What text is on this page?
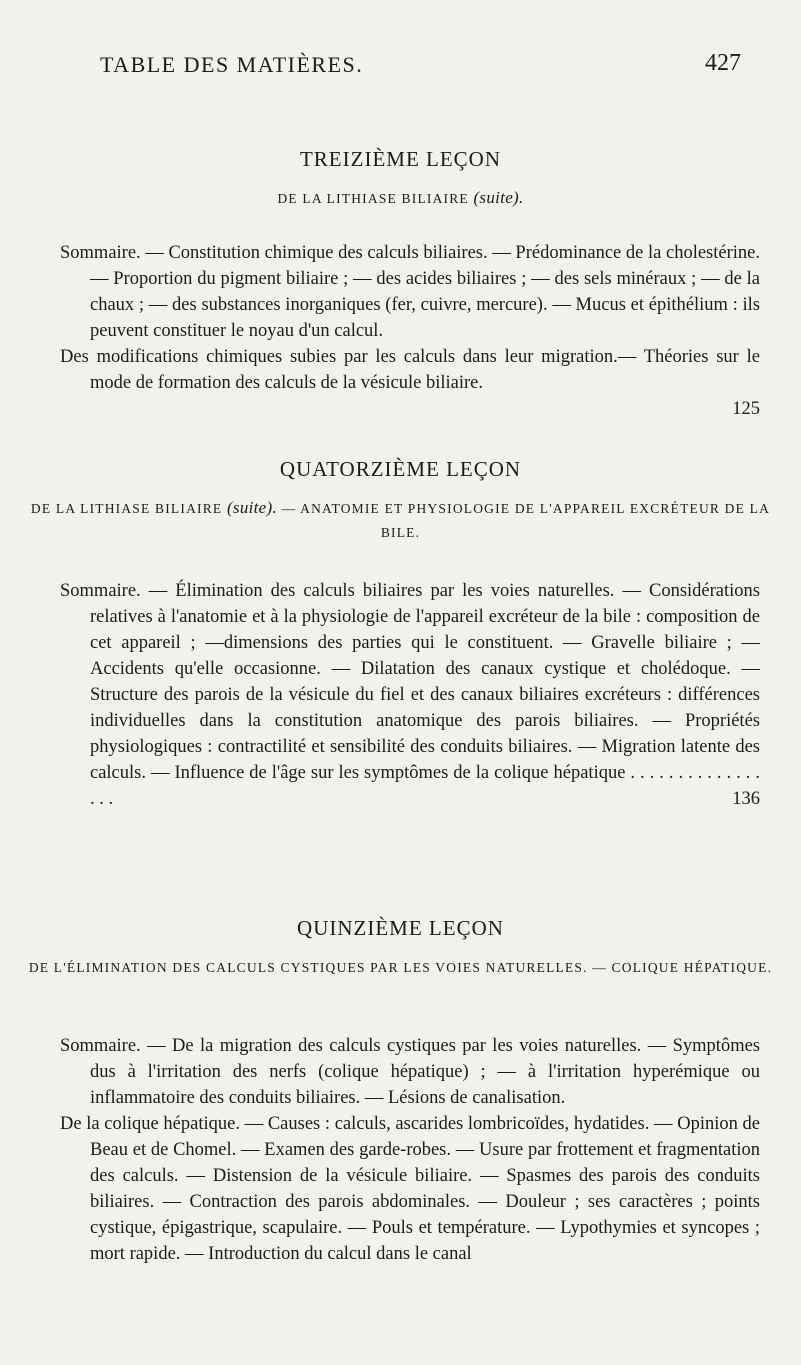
TABLE DES MATIÈRES.	427
TREIZIÈME LEÇON
DE LA LITHIASE BILIAIRE (suite).

Sommaire. — Constitution chimique des calculs biliaires. — Prédominance de la cholestérine. — Proportion du pigment biliaire ; — des acides biliaires ; — des sels minéraux ; — de la chaux ; — des substances inorganiques (fer, cuivre, mercure). — Mucus et épithélium : ils peuvent constituer le noyau d'un calcul.

Des modifications chimiques subies par les calculs dans leur migration.— Théories sur le mode de formation des calculs de la vésicule biliaire.

125

QUATORZIÈME LEÇON
DE LA LITHIASE BILIAIRE (suite). — ANATOMIE ET PHYSIOLOGIE DE L'APPAREIL EXCRÉTEUR DE LA BILE.

Sommaire. — Élimination des calculs biliaires par les voies naturelles. — Considérations relatives à l'anatomie et à la physiologie de l'appareil excréteur de la bile : composition de cet appareil ; —dimensions des parties qui le constituent. — Gravelle biliaire ; — Accidents qu'elle occasionne. — Dilatation des canaux cystique et cholédoque. — Structure des parois de la vésicule du fiel et des canaux biliaires excréteurs : différences individuelles dans la constitution anatomique des parois biliaires. — Propriétés physiologiques : contractilité et sensibilité des conduits biliaires. — Migration latente des calculs. — Influence de l'âge sur les symptômes de la colique hépatique . . . . . . . . . . . . . . . . .	136

QUINZIÈME LEÇON
DE L'ÉLIMINATION DES CALCULS CYSTIQUES PAR LES VOIES NATURELLES. — COLIQUE HÉPATIQUE.

Sommaire. — De la migration des calculs cystiques par les voies naturelles. — Symptômes dus à l'irritation des nerfs (colique hépatique) ; — à l'irritation hyperémique ou inflammatoire des conduits biliaires. — Lésions de canalisation.

De la colique hépatique. — Causes : calculs, ascarides lombricoïdes, hydatides. — Opinion de Beau et de Chomel. — Examen des garde-robes. — Usure par frottement et fragmentation des calculs. — Distension de la vésicule biliaire. — Spasmes des parois des conduits biliaires. — Contraction des parois abdominales. — Douleur ; ses caractères ; points cystique, épigastrique, scapulaire. — Pouls et température. — Lypothymies et syncopes ; mort rapide. — Introduction du calcul dans le canal
